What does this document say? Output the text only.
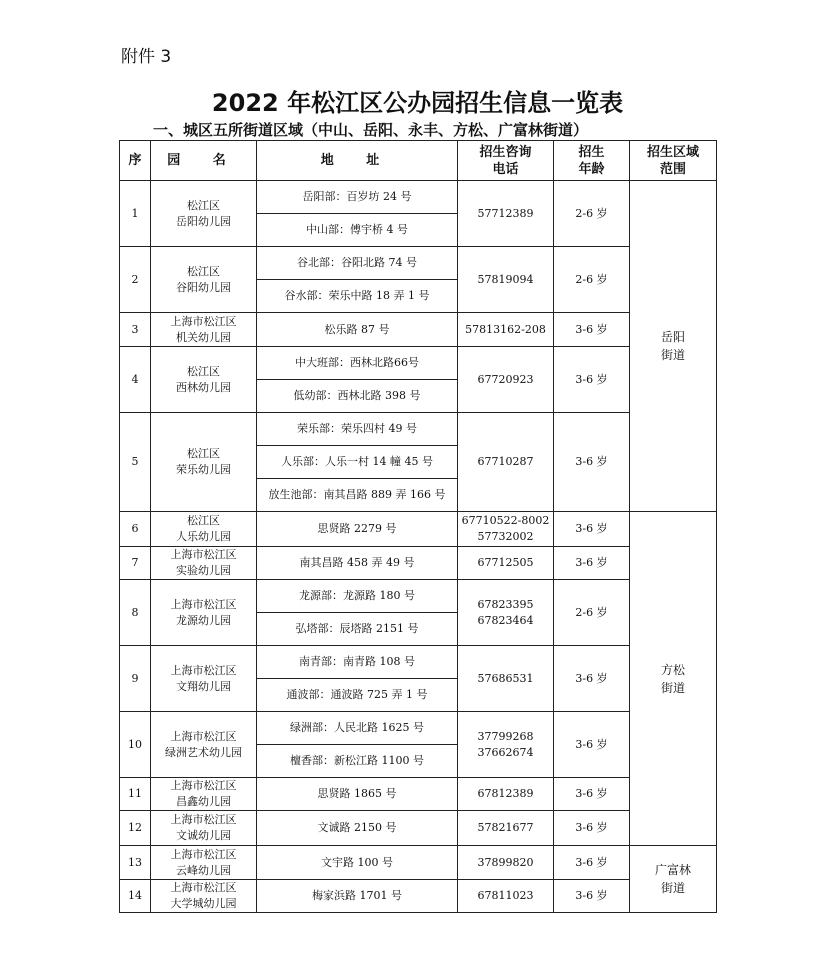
附件 3
2022 年松江区公办园招生信息一览表
一、城区五所街道区域（中山、岳阳、永丰、方松、广富林街道）
序	园 名	地 址	招生咨询
电话	招生
年龄	招生区域
范围
1	松江区
岳阳幼儿园	岳阳部：百岁坊 24 号	57712389	2-6 岁	岳阳
街道
		中山部：傅宇桥 4 号			
2	松江区
谷阳幼儿园	谷北部：谷阳北路 74 号	57819094	2-6 岁	
		谷水部：荣乐中路 18 弄 1 号			
3	上海市松江区
机关幼儿园	松乐路 87 号	57813162-208	3-6 岁	
4	松江区
西林幼儿园	中大班部：西林北路66号	67720923	3-6 岁	
		低幼部：西林北路 398 号			
5	松江区
荣乐幼儿园	荣乐部：荣乐四村 49 号	67710287	3-6 岁	
		人乐部：人乐一村 14 幢 45 号			
		放生池部：南其昌路 889 弄 166 号			
6	松江区
人乐幼儿园	思贤路 2279 号	67710522-8002
57732002	3-6 岁	方松
街道
7	上海市松江区
实验幼儿园	南其昌路 458 弄 49 号	67712505	3-6 岁	
8	上海市松江区
龙源幼儿园	龙源部：龙源路 180 号	67823395
67823464	2-6 岁	
		弘塔部：辰塔路 2151 号			
9	上海市松江区
文翔幼儿园	南青部：南青路 108 号	57686531	3-6 岁	
		通波部：通波路 725 弄 1 号			
10	上海市松江区
绿洲艺术幼儿园	绿洲部：人民北路 1625 号	37799268
37662674	3-6 岁	
		檀香部：新松江路 1100 号			
11	上海市松江区
昌鑫幼儿园	思贤路 1865 号	67812389	3-6 岁	
12	上海市松江区
文诚幼儿园	文诚路 2150 号	57821677	3-6 岁	
13	上海市松江区
云峰幼儿园	文宇路 100 号	37899820	3-6 岁	广富林
街道
14	上海市松江区
大学城幼儿园	梅家浜路 1701 号	67811023	3-6 岁	
